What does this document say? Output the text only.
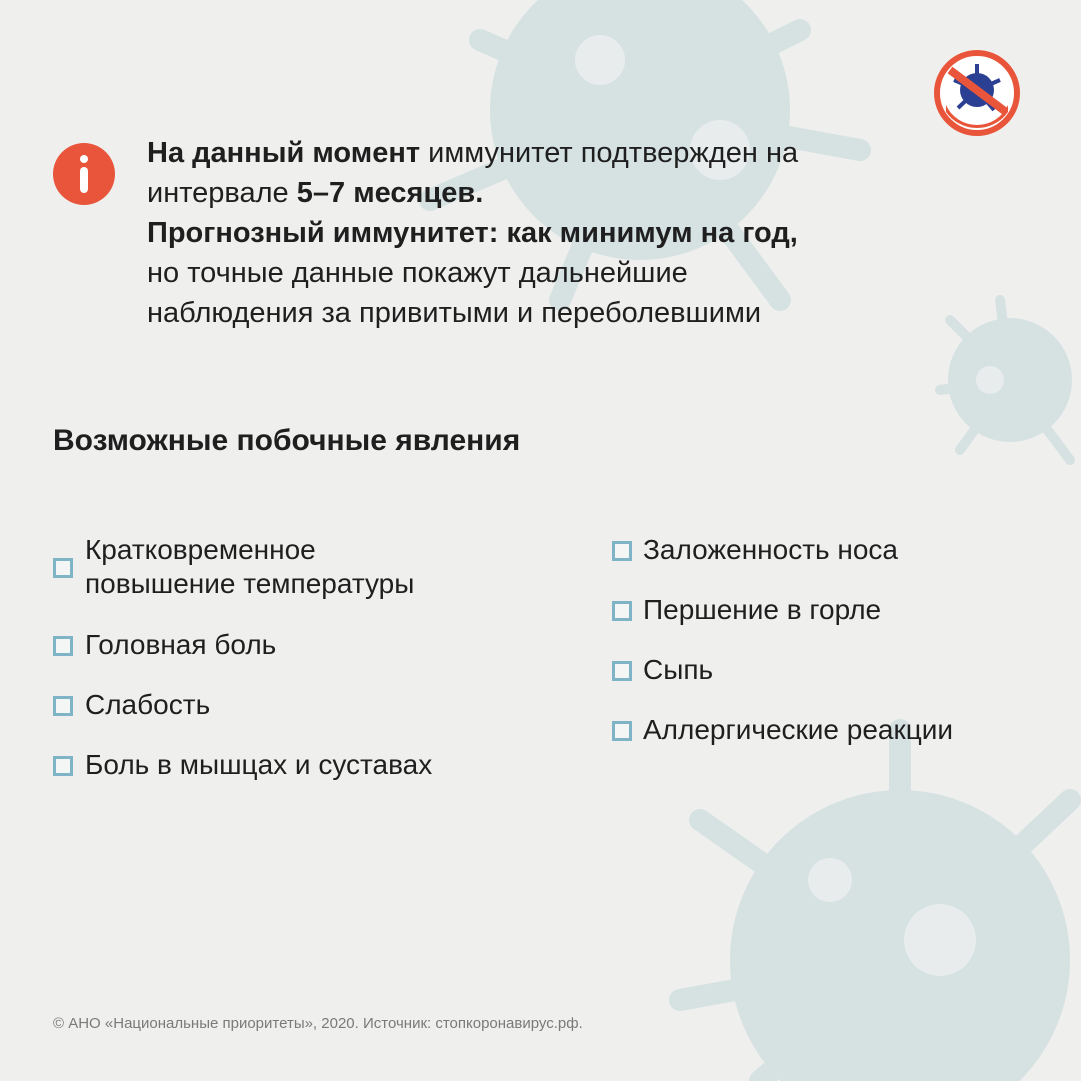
На данный момент иммунитет подтвержден на
интервале 5–7 месяцев.
Прогнозный иммунитет: как минимум на год,
но точные данные покажут дальнейшие
наблюдения за привитыми и переболевшими
Возможные побочные явления
Кратковременное
повышение температуры
Головная боль
Слабость
Боль в мышцах и суставах
Заложенность носа
Першение в горле
Сыпь
Аллергические реакции
© АНО «Национальные приоритеты», 2020. Источник: стопкоронавирус.рф.
